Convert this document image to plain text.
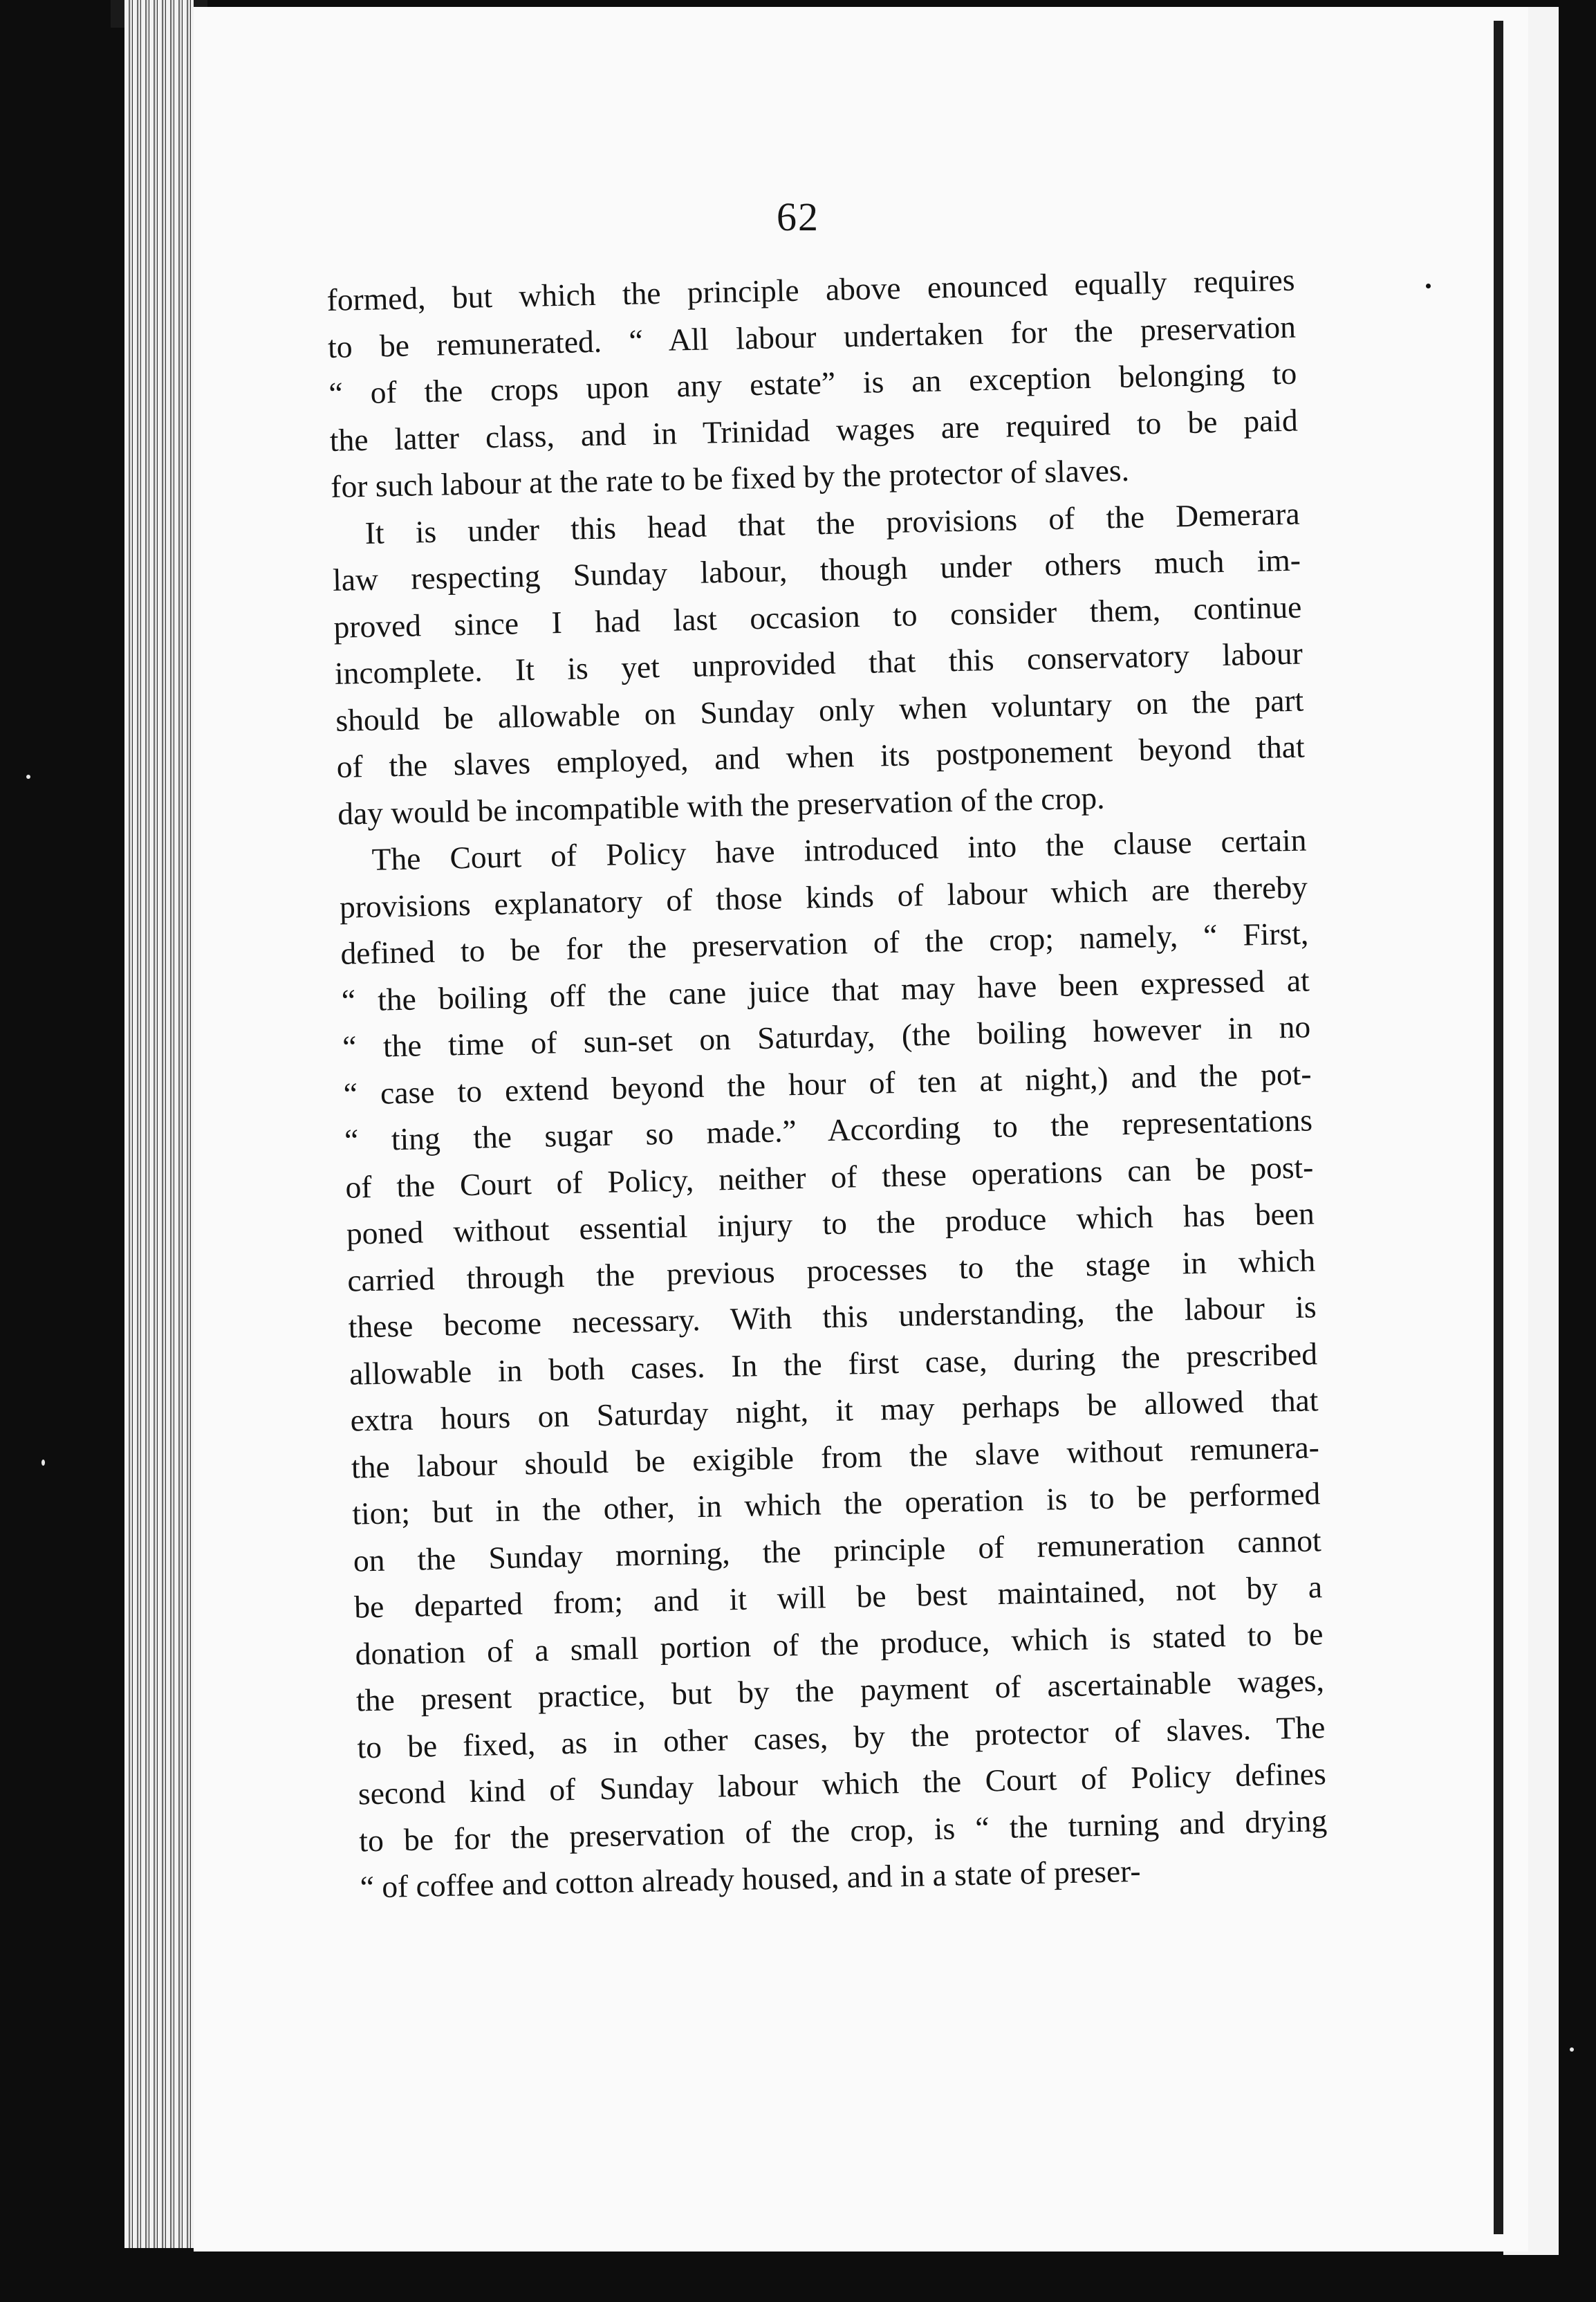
62
formed, but which the principle above enounced equally requires
to be remunerated. “ All labour undertaken for the preservation
“ of the crops upon any estate” is an exception belonging to
the latter class, and in Trinidad wages are required to be paid
for such labour at the rate to be fixed by the protector of slaves.
It is under this head that the provisions of the Demerara
law respecting Sunday labour, though under others much im-
proved since I had last occasion to consider them, continue
incomplete. It is yet unprovided that this conservatory labour
should be allowable on Sunday only when voluntary on the part
of the slaves employed, and when its postponement beyond that
day would be incompatible with the preservation of the crop.
The Court of Policy have introduced into the clause certain
provisions explanatory of those kinds of labour which are thereby
defined to be for the preservation of the crop; namely, “ First,
“ the boiling off the cane juice that may have been expressed at
“ the time of sun-set on Saturday, (the boiling however in no
“ case to extend beyond the hour of ten at night,) and the pot-
“ ting the sugar so made.” According to the representations
of the Court of Policy, neither of these operations can be post-
poned without essential injury to the produce which has been
carried through the previous processes to the stage in which
these become necessary. With this understanding, the labour is
allowable in both cases. In the first case, during the prescribed
extra hours on Saturday night, it may perhaps be allowed that
the labour should be exigible from the slave without remunera-
tion; but in the other, in which the operation is to be performed
on the Sunday morning, the principle of remuneration cannot
be departed from; and it will be best maintained, not by a
donation of a small portion of the produce, which is stated to be
the present practice, but by the payment of ascertainable wages,
to be fixed, as in other cases, by the protector of slaves. The
second kind of Sunday labour which the Court of Policy defines
to be for the preservation of the crop, is “ the turning and drying
“ of coffee and cotton already housed, and in a state of preser-
